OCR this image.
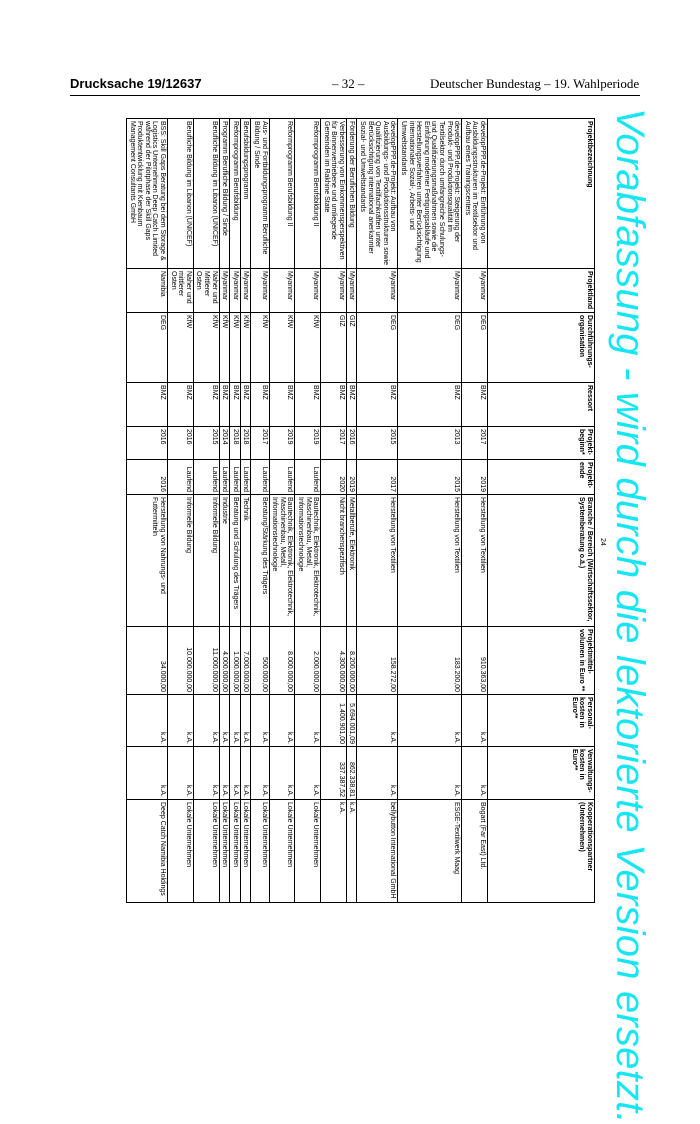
Drucksache 19/12637	– 32 –	Deutscher Bundestag – 19. Wahlperiode
Projektbezeichnung	Projektland	Durchführungs-organisation	Ressort	Projekt-beginn*	Projekt-ende	Branche / Bereich (Wirtschaftssektor, Systemberatung o.ä.)	Projektmittel-volumen in Euro **	Personal-kosten in Euro**	Verwaltungs-kosten in Euro**	Kooperationspartner (Unternehmen)
developPPP.de-Projekt: Einführung von Ausbildungsstrukturen im Textilsektor und Aufbau eines Trainingscenters	Myanmar	DEG	BMZ	2017	2019	Herstellung von Textilien	910.363,00	k.A.	k.A.	Bogart (Far East) Ltd.
developPPP.de-Projekt: Steigerung der Produkt- und Produktionsqualität im Textilsektor durch umfangreiche Schulungs- und Qualifizierungsmaßnahmen sowie die Einführung moderner Fertigungsabläufe und Herstellungsverfahren unter Berücksichtigung internationaler Sozial-, Arbeits- und Umweltstandards	Myanmar	DEG	BMZ	2013	2015	Herstellung von Textilien	183.200,00	k.A.	k.A.	ESGE-Textilwerk Maag
developPPP.de-Projekt: Aufbau von Ausbildungs- und Produktionsstrukturen sowie Qualifizierung von Textilfachkräften unter Berücksichtigung international anerkannter Sozial- und Umweltstandards	Myanmar	DEG	BMZ	2015	2017	Herstellung von Textilien	158.272,00	k.A.	k.A.	bellybutton International GmbH
Förderung der Beruflichen Bildung	Myanmar	GIZ	BMZ	2016	2019	Metallberufe, Elektronik	8.200.000,00	5.694.001,09	862.338,81	k.A.
Verbesserung von Einkommensperspektiven für Binnenvertriebene und umliegende Gemeinden im Rakhine State	Myanmar	GIZ	BMZ	2017	2020	Nicht branchenspezifisch	4.300.000,00	1.400.901,00	337.387,52	k.A.
Reformprogramm Berufsbildung II	Myanmar	KfW	BMZ	2019	Laufend	Bautechnik, Elektronik, Elektrotechnik, Maschinenbau, Metall, Informationstechnologie	2.000.000,00	k.A.	k.A.	Lokale Unternehmen
Reformprogramm Berufsbildung II	Myanmar	KfW	BMZ	2019	Laufend	Bautechnik, Elektronik, Elektrotechnik, Maschinenbau, Metall, Informationstechnologie	8.000.000,00	k.A.	k.A.	Lokale Unternehmen
Aus- und Fortbildungsprogramm Berufliche Bildung / Sinde	Myanmar	KfW	BMZ	2017	Laufend	Beratung/Stärkung des Trägers	500.000,00	k.A.	k.A.	Lokale Unternehmen
Berufsbildungsprogramm	Myanmar	KfW	BMZ	2018	Laufend	Technik	7.000.000,00	k.A.	k.A.	Lokale Unternehmen
Reformprogramm Berufsbildung	Myanmar	KfW	BMZ	2018	Laufend	Beratung und Schulung des Trägers	1.000.000,00	k.A.	k.A.	Lokale Unternehmen
Programm Berufliche Bildung / Sinde	Myanmar	KfW	BMZ	2014	Laufend	Industrie	4.000.000,00	k.A.	k.A.	Lokale Unternehmen
Berufliche Bildung im Libanon (UNICEF)	Naher und Mittlerer Osten	KfW	BMZ	2015	Laufend	Informelle Bildung	11.000.000,00	k.A.	k.A.	Lokale Unternehmen
Berufliche Bildung im Libanon (UNICEF)	Naher und mittlerer Osten	KfW	BMZ	2016	Laufend	Informelle Bildung	10.000.000,00	k.A.	k.A.	Lokale Unternehmen
BSS: Skill Gaps Beratung bei dem Storage & Logistics Unternehmen Deep Catch Limited während der Pilotphase der Skill Gaps Produktentwicklung mit Kienbaum Management Consultants GmbH	Namibia	DEG	BMZ	2016	2016	Herstellung von Nahrungs- und Futtermitteln	34.000,00	k.A.	k.A.	Deep Catch Namibia Holdings
24 Vorabfassung - wird durch die lektorierte Version ersetzt.
